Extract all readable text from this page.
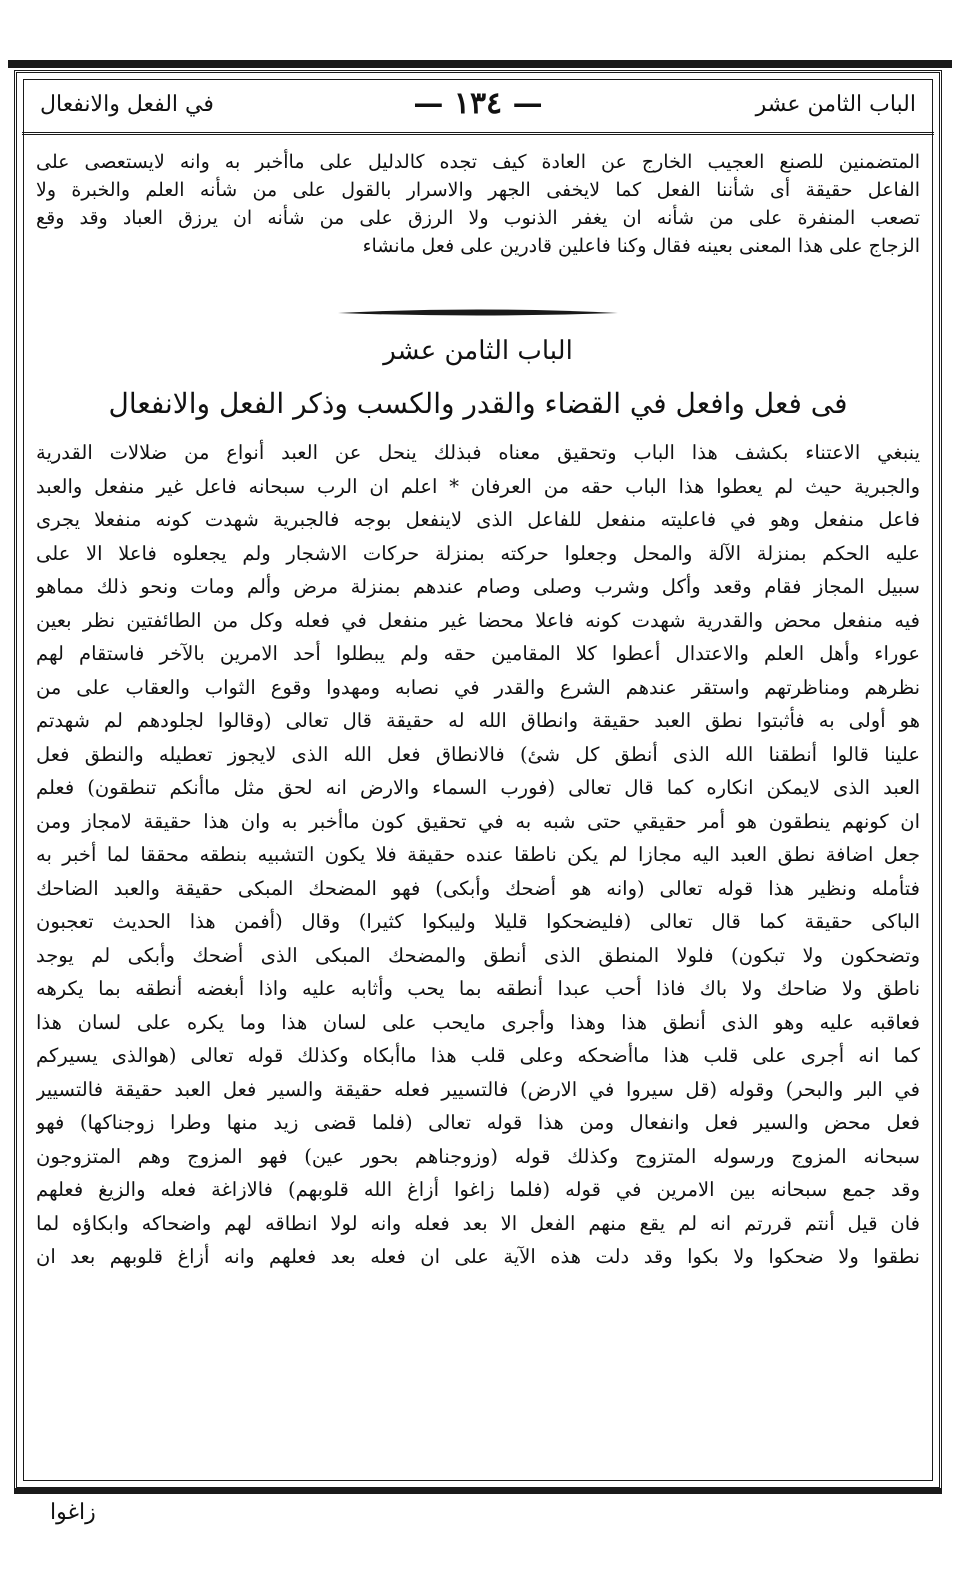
الباب الثامن عشر
— ١٣٤ —
في الفعل والانفعال
المتضمنين للصنع العجيب الخارج عن العادة كيف تجده كالدليل على ماأخبر به وانه لايستعصى على
الفاعل حقيقة أى شأننا الفعل كما لايخفى الجهر والاسرار بالقول على من شأنه العلم والخبرة ولا
تصعب المنفرة على من شأنه ان يغفر الذنوب ولا الرزق على من شأنه ان يرزق العباد وقد وقع
الزجاج على هذا المعنى بعينه فقال وكنا فاعلين قادرين على فعل مانشاء
الباب الثامن عشر
فى فعل وافعل في القضاء والقدر والكسب وذكر الفعل والانفعال
ينبغي الاعتناء بكشف هذا الباب وتحقيق معناه فبذلك ينحل عن العبد أنواع من ضلالات القدرية
والجبرية حيث لم يعطوا هذا الباب حقه من العرفان * اعلم ان الرب سبحانه فاعل غير منفعل والعبد
فاعل منفعل وهو في فاعليته منفعل للفاعل الذى لاينفعل بوجه فالجبرية شهدت كونه منفعلا يجرى
عليه الحكم بمنزلة الآلة والمحل وجعلوا حركته بمنزلة حركات الاشجار ولم يجعلوه فاعلا الا على
سبيل المجاز فقام وقعد وأكل وشرب وصلى وصام عندهم بمنزلة مرض وألم ومات ونحو ذلك مماهو
فيه منفعل محض والقدرية شهدت كونه فاعلا محضا غير منفعل في فعله وكل من الطائفتين نظر بعين
عوراء وأهل العلم والاعتدال أعطوا كلا المقامين حقه ولم يبطلوا أحد الامرين بالآخر فاستقام لهم
نظرهم ومناظرتهم واستقر عندهم الشرع والقدر في نصابه ومهدوا وقوع الثواب والعقاب على من
هو أولى به فأثبتوا نطق العبد حقيقة وانطاق الله له حقيقة قال تعالى (وقالوا لجلودهم لم شهدتم
علينا قالوا أنطقنا الله الذى أنطق كل شئ) فالانطاق فعل الله الذى لايجوز تعطيله والنطق فعل
العبد الذى لايمكن انكاره كما قال تعالى (فورب السماء والارض انه لحق مثل ماأنكم تنطقون) فعلم
ان كونهم ينطقون هو أمر حقيقي حتى شبه به في تحقيق كون ماأخبر به وان هذا حقيقة لامجاز ومن
جعل اضافة نطق العبد اليه مجازا لم يكن ناطقا عنده حقيقة فلا يكون التشبيه بنطقه محققا لما أخبر به
فتأمله ونظير هذا قوله تعالى (وانه هو أضحك وأبكى) فهو المضحك المبكى حقيقة والعبد الضاحك
الباكى حقيقة كما قال تعالى (فليضحكوا قليلا وليبكوا كثيرا) وقال (أفمن هذا الحديث تعجبون
وتضحكون ولا تبكون) فلولا المنطق الذى أنطق والمضحك المبكى الذى أضحك وأبكى لم يوجد
ناطق ولا ضاحك ولا باك فاذا أحب عبدا أنطقه بما يحب وأثابه عليه واذا أبغضه أنطقه بما يكرهه
فعاقبه عليه وهو الذى أنطق هذا وهذا وأجرى مايحب على لسان هذا وما يكره على لسان هذا
كما انه أجرى على قلب هذا ماأضحكه وعلى قلب هذا ماأبكاه وكذلك قوله تعالى (هوالذى يسيركم
في البر والبحر) وقوله (قل سيروا في الارض) فالتسيير فعله حقيقة والسير فعل العبد حقيقة فالتسيير
فعل محض والسير فعل وانفعال ومن هذا قوله تعالى (فلما قضى زيد منها وطرا زوجناكها) فهو
سبحانه المزوج ورسوله المتزوج وكذلك قوله (وزوجناهم بحور عين) فهو المزوج وهم المتزوجون
وقد جمع سبحانه بين الامرين في قوله (فلما زاغوا أزاغ الله قلوبهم) فالازاغة فعله والزيغ فعلهم
فان قيل أنتم قررتم انه لم يقع منهم الفعل الا بعد فعله وانه لولا انطاقه لهم واضحاكه وابكاؤه لما
نطقوا ولا ضحكوا ولا بكوا وقد دلت هذه الآية على ان فعله بعد فعلهم وانه أزاغ قلوبهم بعد ان
زاغوا
